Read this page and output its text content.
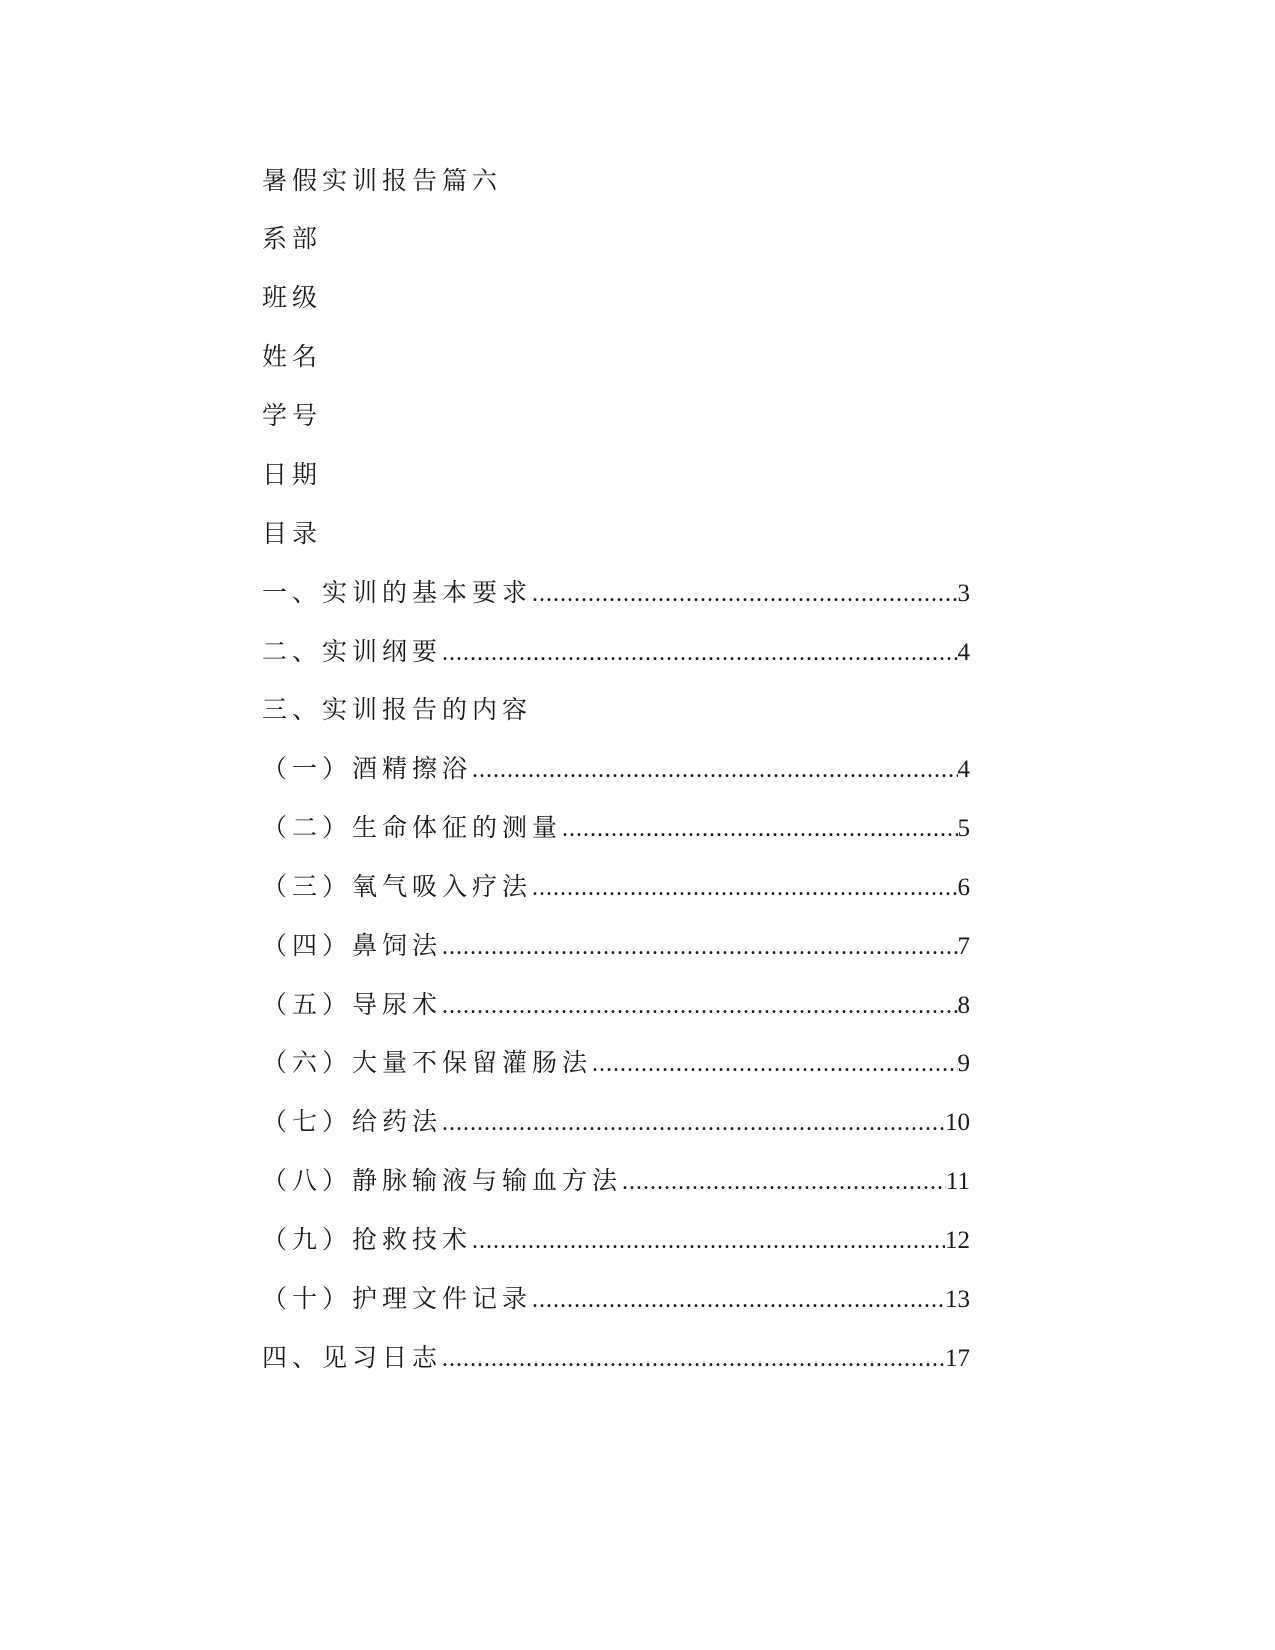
暑假实训报告篇六
系部
班级
姓名
学号
日期
目录
一、实训的基本要求 .....	3
二、实训纲要 .....	4
三、实训报告的内容
（一）酒精擦浴 .....	4
（二）生命体征的测量 .....	5
（三）氧气吸入疗法 .....	6
（四）鼻饲法 .....	7
（五）导尿术 .....	8
（六）大量不保留灌肠法 .....	9
（七）给药法 .....	10
（八）静脉输液与输血方法 .....	11
（九）抢救技术 .....	12
（十）护理文件记录 .....	13
四、见习日志 .....	17
